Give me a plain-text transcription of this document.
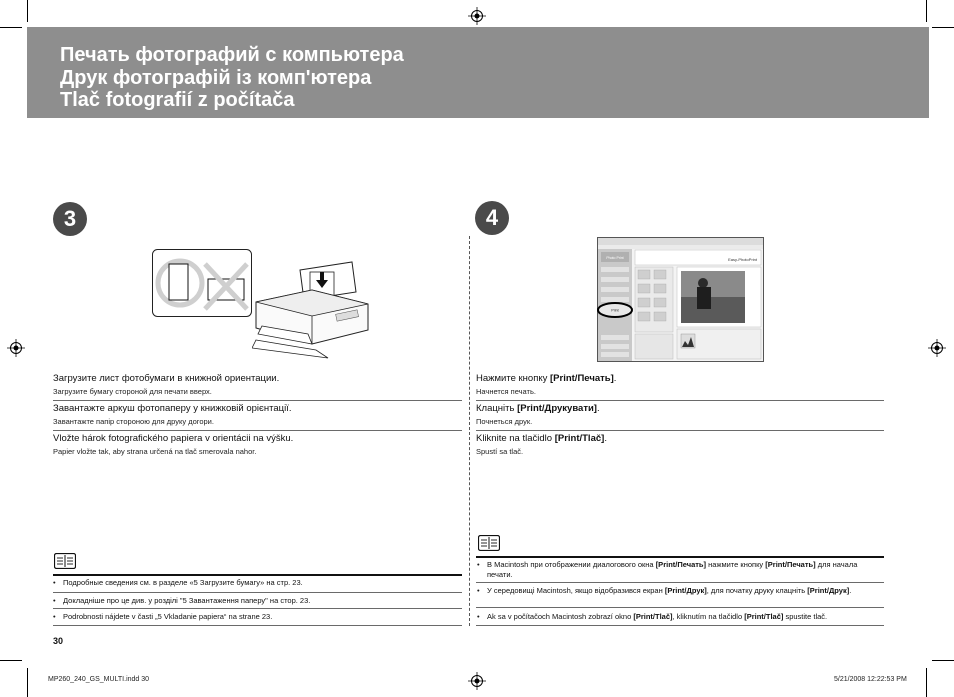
Печать фотографий с компьютера
Друк фотографій із комп'ютера
Tlač fotografií z počítača
3	4
Photo Print
Print
Easy-PhotoPrint
Загрузите лист фотобумаги в книжной ориентации.
Загрузите бумагу стороной для печати вверх.
Завантажте аркуш фотопаперу у книжковій орієнтації.
Завантажте папір стороною для друку догори.
Vložte hárok fotografického papiera v orientácii na výšku.
Papier vložte tak, aby strana určená na tlač smerovala nahor.
Нажмите кнопку [Print/Печать].
Начнется печать.
Клацніть [Print/Друкувати].
Почнеться друк.
Kliknite na tlačidlo [Print/Tlač].
Spustí sa tlač.
• Подробные сведения см. в разделе «5 Загрузите бумагу» на стр. 23.
• Докладніше про це див. у розділі "5 Завантаження паперу" на стор. 23.
• Podrobnosti nájdete v časti „5 Vkladanie papiera“ na strane 23.
• В Macintosh при отображении диалогового окна [Print/Печать] нажмите кнопку [Print/Печать] для начала печати.
• У середовищі Macintosh, якщо відобразився екран [Print/Друк], для початку друку клацніть [Print/Друк].
• Ak sa v počítačoch Macintosh zobrazí okno [Print/Tlač], kliknutím na tlačidlo [Print/Tlač] spustite tlač.
30
MP260_240_GS_MULTI.indd 30	5/21/2008 12:22:53 PM
